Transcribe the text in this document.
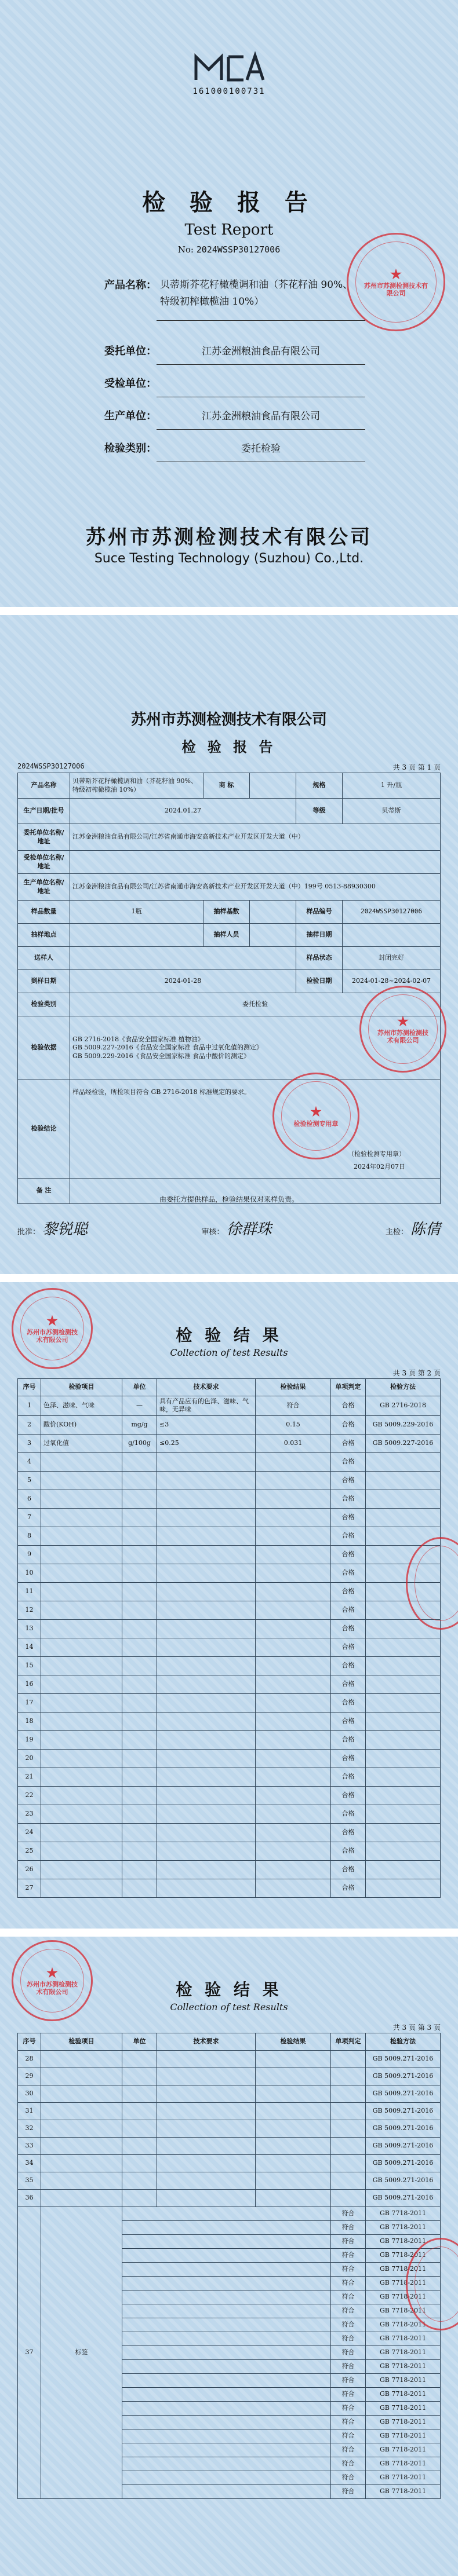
161000100731
检 验 报 告
Test Report
No: 2024WSSP30127006
产品名称： 贝蒂斯芥花籽橄榄调和油（芥花籽油 90%、特级初榨橄榄油 10%）
委托单位：	江苏金洲粮油食品有限公司
受检单位：
生产单位：	江苏金洲粮油食品有限公司
检验类别：	委托检验
★
苏州市苏测检测技术有限公司
苏州市苏测检测技术有限公司
Suce Testing Technology (Suzhou) Co.,Ltd.
苏州市苏测检测技术有限公司
检 验 报 告
2024WSSP30127006	共 3 页 第 1 页
产品名称	贝蒂斯芥花籽橄榄调和油（芥花籽油 90%、特级初榨橄榄油 10%）	商 标		规格	1 升/瓶
生产日期/批号	2024.01.27			等级	贝蒂斯
委托单位名称/地址	江苏金洲粮油食品有限公司/江苏省南通市海安高新技术产业开发区开发大道（中）				
受检单位名称/地址					
生产单位名称/地址	江苏金洲粮油食品有限公司/江苏省南通市海安高新技术产业开发区开发大道（中）199号 0513-88930300				
样品数量	1瓶	抽样基数		样品编号	2024WSSP30127006
抽样地点		抽样人员		抽样日期	
送样人				样品状态	封闭完好
到样日期	2024-01-28			检验日期	2024-01-28~2024-02-07
检验类别	委托检验				
检验依据	GB 2716-2018《食品安全国家标准 植物油》
GB 5009.227-2016《食品安全国家标准 食品中过氧化值的测定》
GB 5009.229-2016《食品安全国家标准 食品中酸价的测定》				

检验结论	样品经检验，所检项目符合 GB 2716-2018 标准规定的要求。
（检验检测专用章）
2024年02月07日				

备 注					
由委托方提供样品，检验结果仅对来样负责。
批准： 黎锐聪	审核： 徐群珠	主检： 陈倩
★
苏州市苏测检测技术有限公司
★
检验检测专用章
检 验 结 果
Collection of test Results
共 3 页 第 2 页
序号	检验项目	单位	技术要求	检验结果	单项判定	检验方法
1	色泽、滋味、气味	—	具有产品应有的色泽、滋味、气味，无异味	符合	合格	GB 2716-2018
2	酸价(KOH)	mg/g	≤3	0.15	合格	GB 5009.229-2016
3	过氧化值	g/100g	≤0.25	0.031	合格	GB 5009.227-2016
4					合格	
5					合格	
6					合格	
7					合格	
8					合格	
9					合格	
10					合格	
11					合格	
12					合格	
13					合格	
14					合格	
15					合格	
16					合格	
17					合格	
18					合格	
19					合格	
20					合格	
21					合格	
22					合格	
23					合格	
24					合格	
25					合格	
26					合格	
27					合格	
★
苏州市苏测检测技术有限公司
检 验 结 果
Collection of test Results
共 3 页 第 3 页
序号	检验项目	单位	技术要求	检验结果	单项判定	检验方法
28						GB 5009.271-2016
29						GB 5009.271-2016
30						GB 5009.271-2016
31						GB 5009.271-2016
32						GB 5009.271-2016
33						GB 5009.271-2016
34						GB 5009.271-2016
35						GB 5009.271-2016
36						GB 5009.271-2016
37	标签				符合	GB 7718-2011
					符合	GB 7718-2011
					符合	GB 7718-2011
					符合	GB 7718-2011
					符合	GB 7718-2011
					符合	GB 7718-2011
					符合	GB 7718-2011
					符合	GB 7718-2011
					符合	GB 7718-2011
					符合	GB 7718-2011
					符合	GB 7718-2011
					符合	GB 7718-2011
					符合	GB 7718-2011
					符合	GB 7718-2011
					符合	GB 7718-2011
					符合	GB 7718-2011
					符合	GB 7718-2011
					符合	GB 7718-2011
					符合	GB 7718-2011
					符合	GB 7718-2011
					符合	GB 7718-2011
★
苏州市苏测检测技术有限公司
